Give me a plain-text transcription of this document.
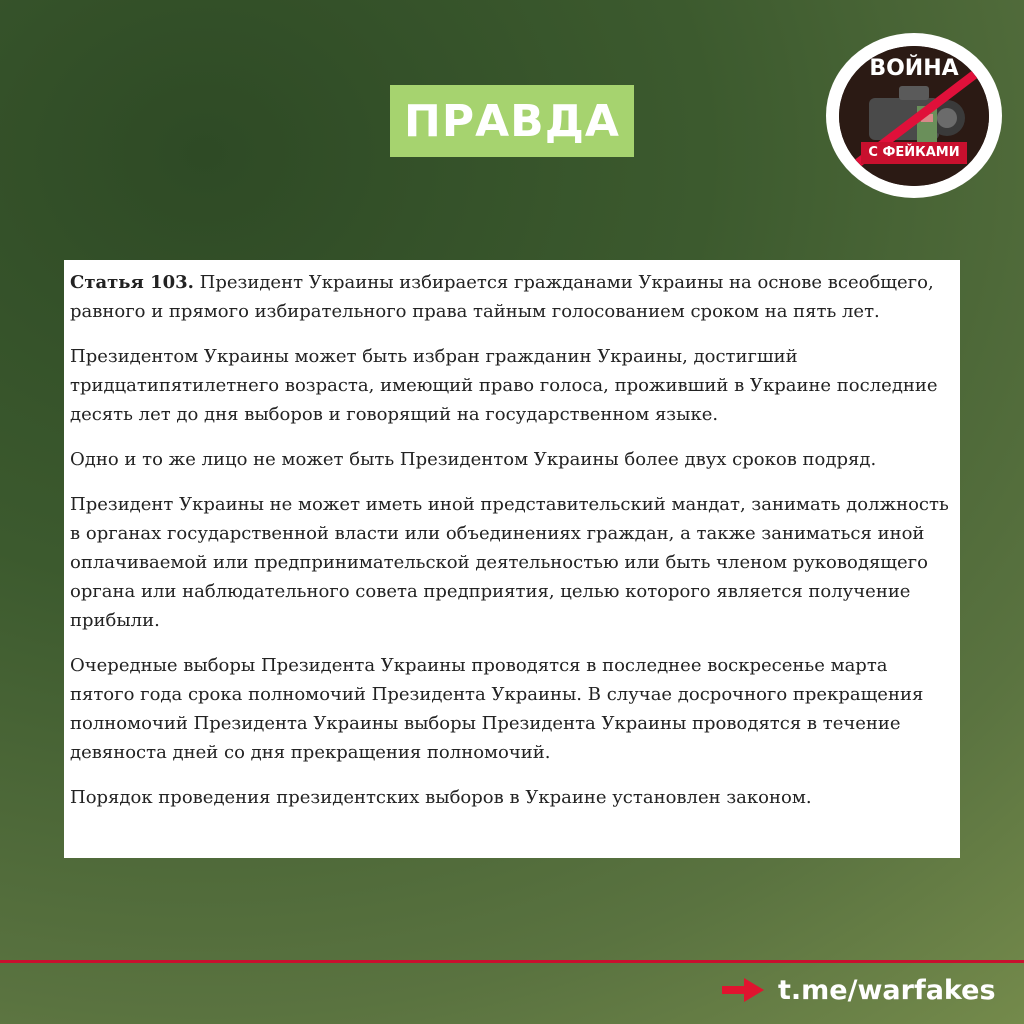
ПРАВДА
ВОЙНА
С ФЕЙКАМИ

Статья 103. Президент Украины избирается гражданами Украины на основе всеобщего, равного и прямого избирательного права тайным голосованием сроком на пять лет.

Президентом Украины может быть избран гражданин Украины, достигший тридцатипятилетнего возраста, имеющий право голоса, проживший в Украине последние десять лет до дня выборов и говорящий на государственном языке.

Одно и то же лицо не может быть Президентом Украины более двух сроков подряд.

Президент Украины не может иметь иной представительский мандат, занимать должность в органах государственной власти или объединениях граждан, а также заниматься иной оплачиваемой или предпринимательской деятельностью или быть членом руководящего органа или наблюдательного совета предприятия, целью которого является получение прибыли.

Очередные выборы Президента Украины проводятся в последнее воскресенье марта пятого года срока полномочий Президента Украины. В случае досрочного прекращения полномочий Президента Украины выборы Президента Украины проводятся в течение девяноста дней со дня прекращения полномочий.

Порядок проведения президентских выборов в Украине установлен законом.

t.me/warfakes
